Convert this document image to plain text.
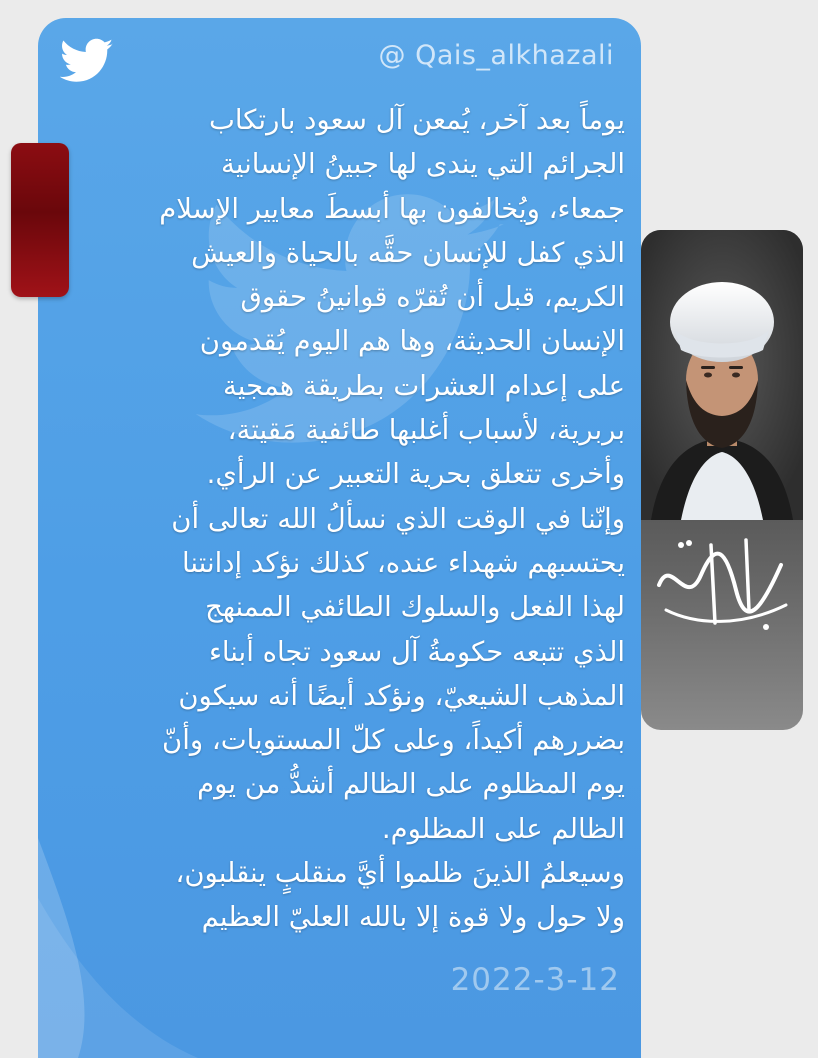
@ Qais_alkhazali

يوماً بعد آخر، يُمعن آل سعود بارتكاب

الجرائم التي يندى لها جبينُ الإنسانية

جمعاء، ويُخالفون بها أبسطَ معايير الإسلام

الذي كفل للإنسان حقَّه بالحياة والعيش

الكريم، قبل أن تُقرّه قوانينُ حقوق

الإنسان الحديثة، وها هم اليوم يُقدمون

على إعدام العشرات بطريقة همجية

بربرية، لأسباب أغلبها طائفية مَقيتة،

وأخرى تتعلق بحرية التعبير عن الرأي.

وإنّنا في الوقت الذي نسألُ الله تعالى أن

يحتسبهم شهداء عنده، كذلك نؤكد إدانتنا

لهذا الفعل والسلوك الطائفي الممنهج

الذي تتبعه حكومةُ آل سعود تجاه أبناء

المذهب الشيعيّ، ونؤكد أيضًا أنه سيكون

بضررهم أكيداً، وعلى كلّ المستويات، وأنّ

يوم المظلوم على الظالم أشدُّ من يوم

الظالم على المظلوم.

وسيعلمُ الذينَ ظلموا أيَّ منقلبٍ ينقلبون،

ولا حول ولا قوة إلا بالله العليّ العظيم

2022-3-12
